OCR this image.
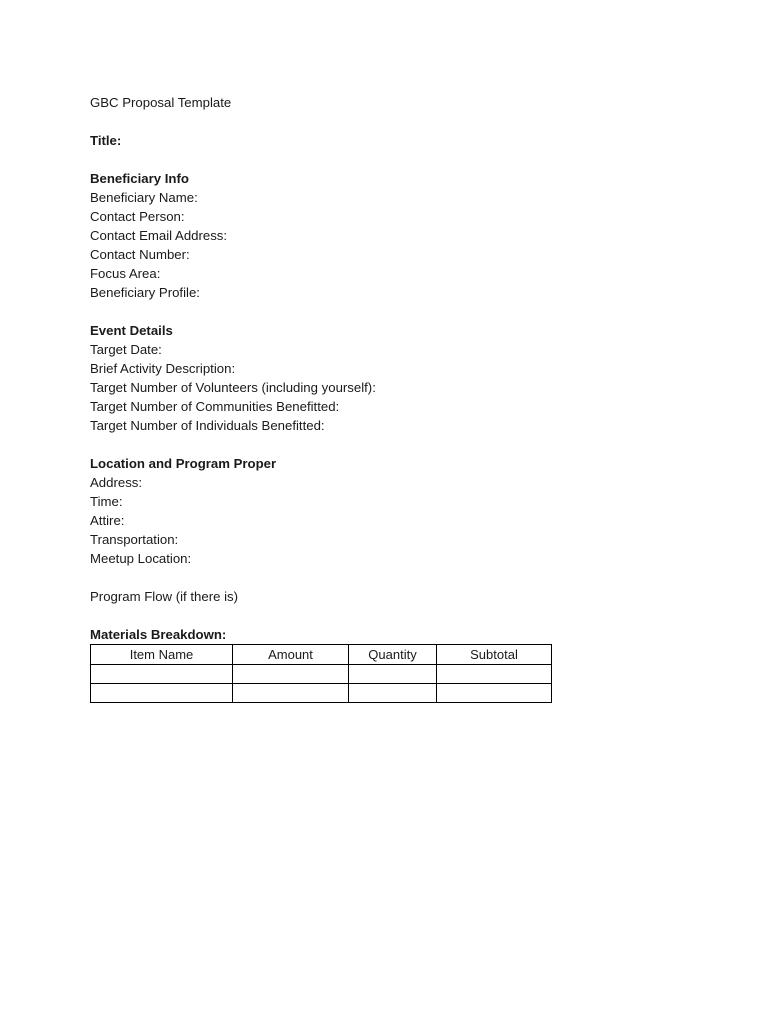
GBC Proposal Template
Title:
Beneficiary Info
Beneficiary Name:
Contact Person:
Contact Email Address:
Contact Number:
Focus Area:
Beneficiary Profile:
Event Details
Target Date:
Brief Activity Description:
Target Number of Volunteers (including yourself):
Target Number of Communities Benefitted:
Target Number of Individuals Benefitted:
Location and Program Proper
Address:
Time:
Attire:
Transportation:
Meetup Location:
Program Flow (if there is)
Materials Breakdown:
Item Name	Amount	Quantity	Subtotal
